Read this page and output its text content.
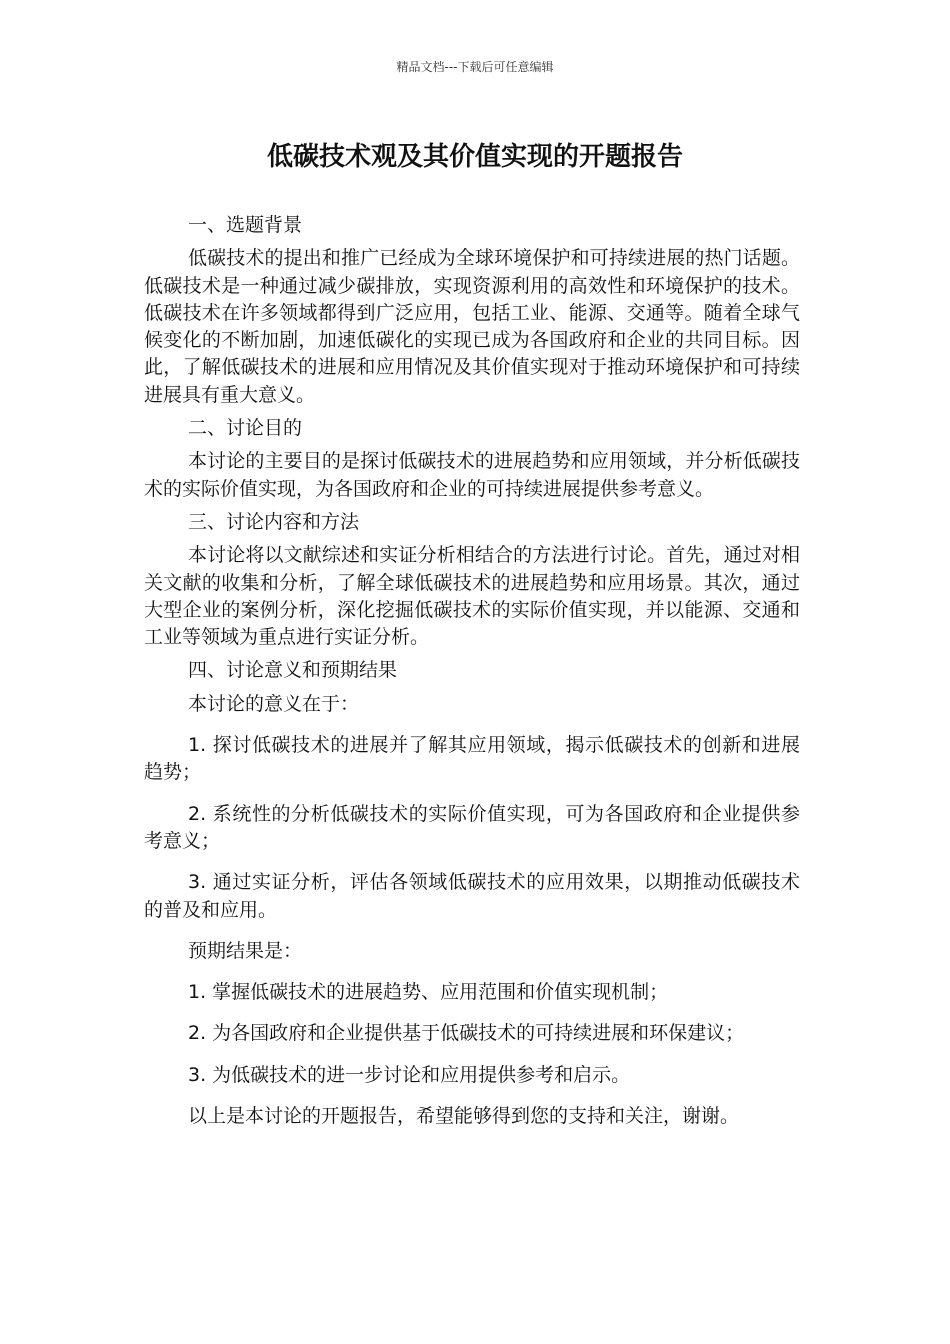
精品文档---下载后可任意编辑
低碳技术观及其价值实现的开题报告

一、选题背景

低碳技术的提出和推广已经成为全球环境保护和可持续进展的热门话题。低碳技术是一种通过减少碳排放，实现资源利用的高效性和环境保护的技术。低碳技术在许多领域都得到广泛应用，包括工业、能源、交通等。随着全球气候变化的不断加剧，加速低碳化的实现已成为各国政府和企业的共同目标。因此，了解低碳技术的进展和应用情况及其价值实现对于推动环境保护和可持续进展具有重大意义。

二、讨论目的

本讨论的主要目的是探讨低碳技术的进展趋势和应用领域，并分析低碳技术的实际价值实现，为各国政府和企业的可持续进展提供参考意义。

三、讨论内容和方法

本讨论将以文献综述和实证分析相结合的方法进行讨论。首先，通过对相关文献的收集和分析，了解全球低碳技术的进展趋势和应用场景。其次，通过大型企业的案例分析，深化挖掘低碳技术的实际价值实现，并以能源、交通和工业等领域为重点进行实证分析。

四、讨论意义和预期结果

本讨论的意义在于：

1. 探讨低碳技术的进展并了解其应用领域，揭示低碳技术的创新和进展趋势；

2. 系统性的分析低碳技术的实际价值实现，可为各国政府和企业提供参考意义；

3. 通过实证分析，评估各领域低碳技术的应用效果，以期推动低碳技术的普及和应用。

预期结果是：

1. 掌握低碳技术的进展趋势、应用范围和价值实现机制；

2. 为各国政府和企业提供基于低碳技术的可持续进展和环保建议；

3. 为低碳技术的进一步讨论和应用提供参考和启示。

以上是本讨论的开题报告，希望能够得到您的支持和关注，谢谢。
